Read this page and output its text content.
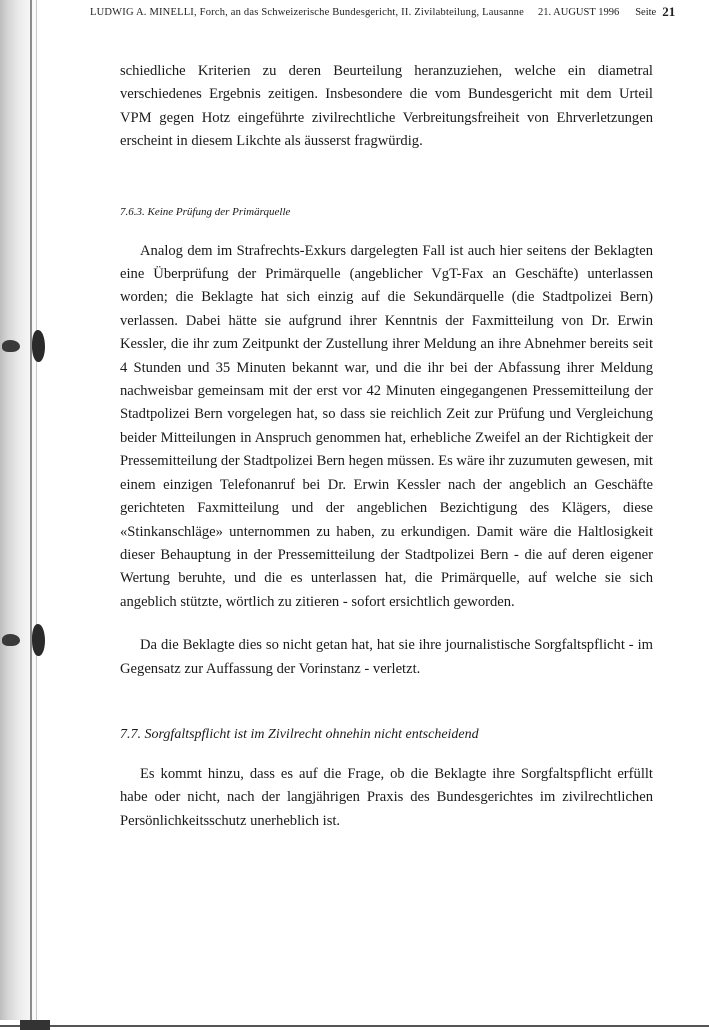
LUDWIG A. MINELLI, Forch, an das Schweizerische Bundesgericht, II. Zivilabteilung, Lausanne 21. AUGUST 1996 Seite 21

schiedliche Kriterien zu deren Beurteilung heranzuziehen, welche ein diametral verschiedenes Ergebnis zeitigen. Insbesondere die vom Bundesgericht mit dem Urteil VPM gegen Hotz eingeführte zivilrechtliche Verbreitungsfreiheit von Ehrverletzungen erscheint in diesem Likchte als äusserst fragwürdig.

7.6.3. Keine Prüfung der Primärquelle

Analog dem im Strafrechts-Exkurs dargelegten Fall ist auch hier seitens der Beklagten eine Überprüfung der Primärquelle (angeblicher VgT-Fax an Geschäfte) unterlassen worden; die Beklagte hat sich einzig auf die Sekundärquelle (die Stadtpolizei Bern) verlassen. Dabei hätte sie aufgrund ihrer Kenntnis der Faxmitteilung von Dr. Erwin Kessler, die ihr zum Zeitpunkt der Zustellung ihrer Meldung an ihre Abnehmer bereits seit 4 Stunden und 35 Minuten bekannt war, und die ihr bei der Abfassung ihrer Meldung nachweisbar gemeinsam mit der erst vor 42 Minuten eingegangenen Pressemitteilung der Stadtpolizei Bern vorgelegen hat, so dass sie reichlich Zeit zur Prüfung und Vergleichung beider Mitteilungen in Anspruch genommen hat, erhebliche Zweifel an der Richtigkeit der Pressemitteilung der Stadtpolizei Bern hegen müssen. Es wäre ihr zuzumuten gewesen, mit einem einzigen Telefonanruf bei Dr. Erwin Kessler nach der angeblich an Geschäfte gerichteten Faxmitteilung und der angeblichen Bezichtigung des Klägers, diese «Stinkanschläge» unternommen zu haben, zu erkundigen. Damit wäre die Haltlosigkeit dieser Behauptung in der Pressemitteilung der Stadtpolizei Bern - die auf deren eigener Wertung beruhte, und die es unterlassen hat, die Primärquelle, auf welche sie sich angeblich stützte, wörtlich zu zitieren - sofort ersichtlich geworden.

Da die Beklagte dies so nicht getan hat, hat sie ihre journalistische Sorgfaltspflicht - im Gegensatz zur Auffassung der Vorinstanz - verletzt.

7.7. Sorgfaltspflicht ist im Zivilrecht ohnehin nicht entscheidend

Es kommt hinzu, dass es auf die Frage, ob die Beklagte ihre Sorgfaltspflicht erfüllt habe oder nicht, nach der langjährigen Praxis des Bundesgerichtes im zivilrechtlichen Persönlichkeitsschutz unerheblich ist.
